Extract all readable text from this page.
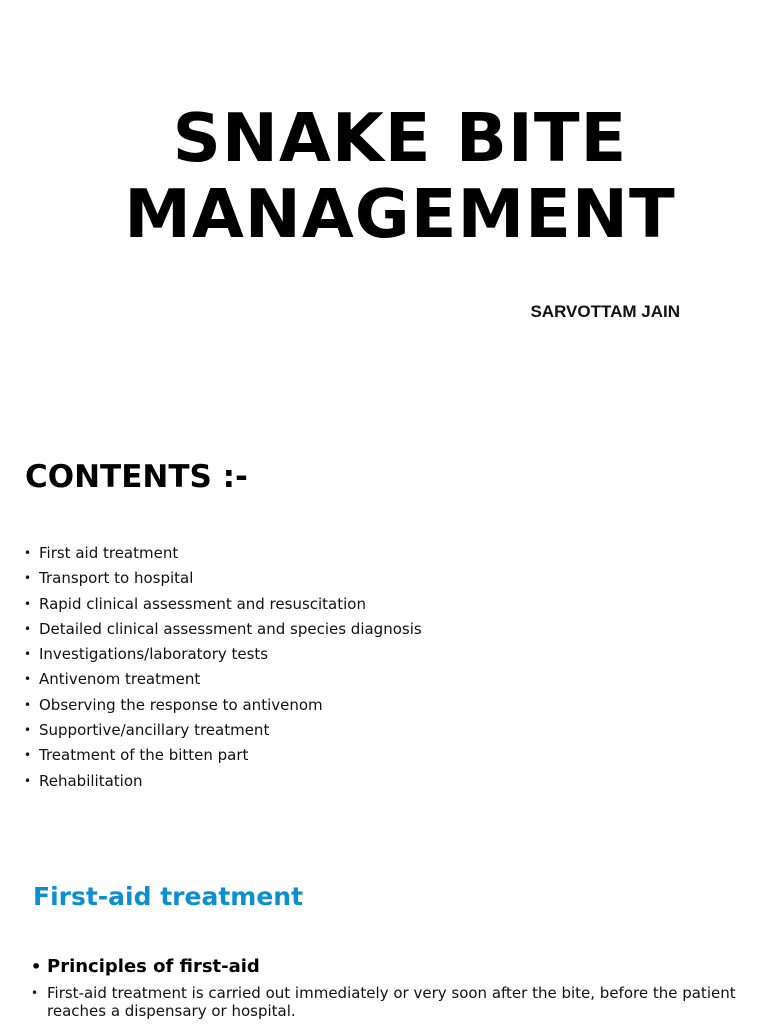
SNAKE BITE
MANAGEMENT
SARVOTTAM JAIN
CONTENTS :-
• First aid treatment
• Transport to hospital
• Rapid clinical assessment and resuscitation
• Detailed clinical assessment and species diagnosis
• Investigations/laboratory tests
• Antivenom treatment
• Observing the response to antivenom
• Supportive/ancillary treatment
• Treatment of the bitten part
• Rehabilitation
First-aid treatment
• Principles of first-aid
• First-aid treatment is carried out immediately or very soon after the bite, before the patient reaches a dispensary or hospital.
